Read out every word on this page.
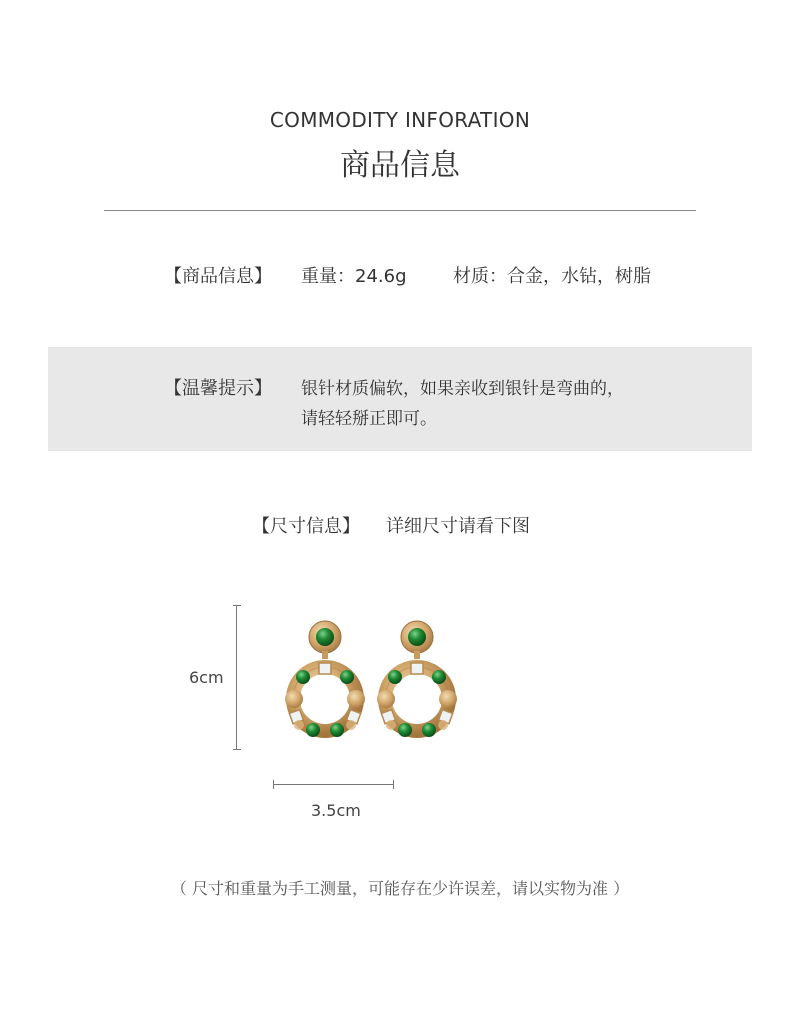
COMMODITY INFORATION
商品信息
【商品信息】 重量：24.6g	材质：合金，水钻，树脂
【温馨提示】 银针材质偏软，如果亲收到银针是弯曲的，
请轻轻掰正即可。
【尺寸信息】 详细尺寸请看下图
6cm
3.5cm
（ 尺寸和重量为手工测量，可能存在少许误差，请以实物为准 ）
